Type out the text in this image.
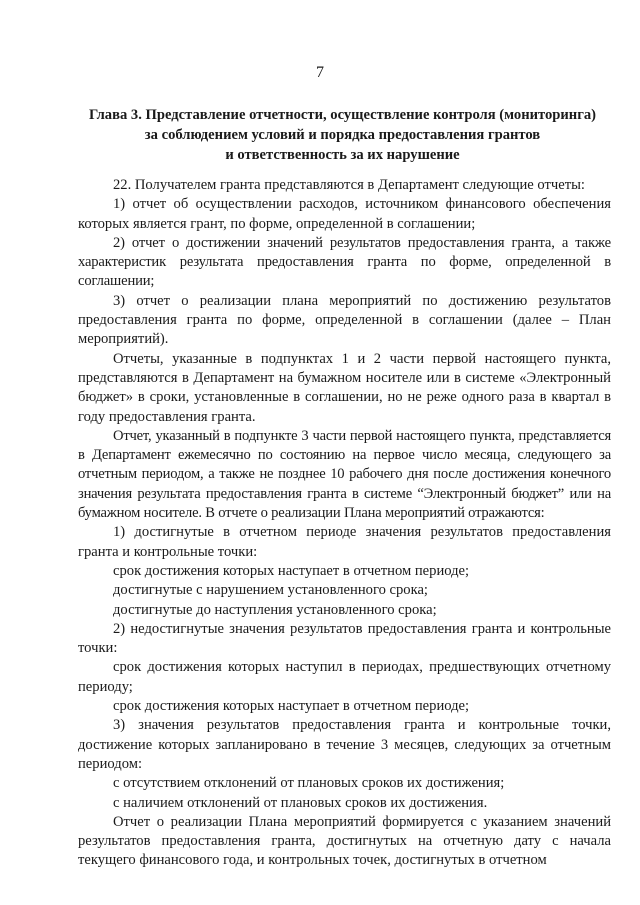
7
Глава 3. Представление отчетности, осуществление контроля (мониторинга)
за соблюдением условий и порядка предоставления грантов
и ответственность за их нарушение
22. Получателем гранта представляются в Департамент следующие отчеты:
1) отчет об осуществлении расходов, источником финансового обеспечения которых является грант, по форме, определенной в соглашении;
2) отчет о достижении значений результатов предоставления гранта, а также характеристик результата предоставления гранта по форме, определенной в соглашении;
3) отчет о реализации плана мероприятий по достижению результатов предоставления гранта по форме, определенной в соглашении (далее – План мероприятий).
Отчеты, указанные в подпунктах 1 и 2 части первой настоящего пункта, представляются в Департамент на бумажном носителе или в системе «Электронный бюджет» в сроки, установленные в соглашении, но не реже одного раза в квартал в году предоставления гранта.
Отчет, указанный в подпункте 3 части первой настоящего пункта, представляется в Департамент ежемесячно по состоянию на первое число месяца, следующего за отчетным периодом, а также не позднее 10 рабочего дня после достижения конечного значения результата предоставления гранта в системе “Электронный бюджет” или на бумажном носителе. В отчете о реализации Плана мероприятий отражаются:
1) достигнутые в отчетном периоде значения результатов предоставления гранта и контрольные точки:
срок достижения которых наступает в отчетном периоде;
достигнутые с нарушением установленного срока;
достигнутые до наступления установленного срока;
2) недостигнутые значения результатов предоставления гранта и контрольные точки:
срок достижения которых наступил в периодах, предшествующих отчетному периоду;
срок достижения которых наступает в отчетном периоде;
3) значения результатов предоставления гранта и контрольные точки, достижение которых запланировано в течение 3 месяцев, следующих за отчетным периодом:
с отсутствием отклонений от плановых сроков их достижения;
с наличием отклонений от плановых сроков их достижения.
Отчет о реализации Плана мероприятий формируется с указанием значений результатов предоставления гранта, достигнутых на отчетную дату с начала текущего финансового года, и контрольных точек, достигнутых в отчетном
